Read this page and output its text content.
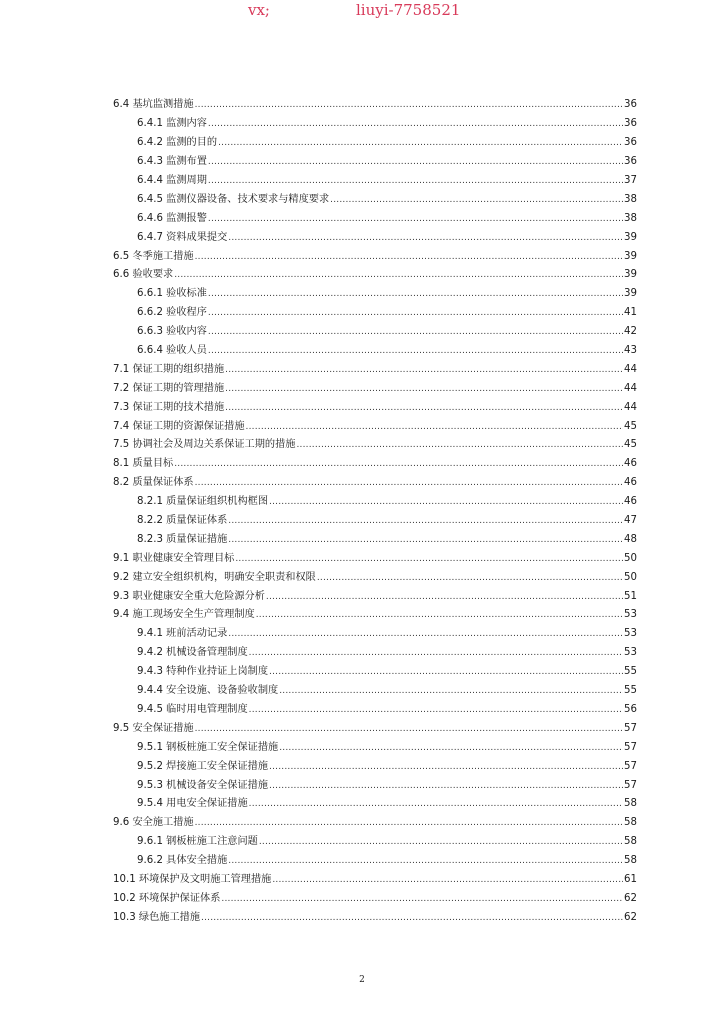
vx;	liuyi-7758521
6.4 基坑监测措施 .....	36
6.4.1 监测内容 .....	36
6.4.2 监测的目的 .....	36
6.4.3 监测布置 .....	36
6.4.4 监测周期 .....	37
6.4.5 监测仪器设备、技术要求与精度要求 .....	38
6.4.6 监测报警 .....	38
6.4.7 资料成果提交 .....	39
6.5 冬季施工措施 .....	39
6.6 验收要求 .....	39
6.6.1 验收标准 .....	39
6.6.2 验收程序 .....	41
6.6.3 验收内容 .....	42
6.6.4 验收人员 .....	43
7.1 保证工期的组织措施 .....	44
7.2 保证工期的管理措施 .....	44
7.3 保证工期的技术措施 .....	44
7.4 保证工期的资源保证措施 .....	45
7.5 协调社会及周边关系保证工期的措施 .....	45
8.1 质量目标 .....	46
8.2 质量保证体系 .....	46
8.2.1 质量保证组织机构框图 .....	46
8.2.2 质量保证体系 .....	47
8.2.3 质量保证措施 .....	48
9.1 职业健康安全管理目标 .....	50
9.2 建立安全组织机构，明确安全职责和权限 .....	50
9.3 职业健康安全重大危险源分析 .....	51
9.4 施工现场安全生产管理制度 .....	53
9.4.1 班前活动记录 .....	53
9.4.2 机械设备管理制度 .....	53
9.4.3 特种作业持证上岗制度 .....	55
9.4.4 安全设施、设备验收制度 .....	55
9.4.5 临时用电管理制度 .....	56
9.5 安全保证措施 .....	57
9.5.1 钢板桩施工安全保证措施 .....	57
9.5.2 焊接施工安全保证措施 .....	57
9.5.3 机械设备安全保证措施 .....	57
9.5.4 用电安全保证措施 .....	58
9.6 安全施工措施 .....	58
9.6.1 钢板桩施工注意问题 .....	58
9.6.2 具体安全措施 .....	58
10.1 环境保护及文明施工管理措施 .....	61
10.2 环境保护保证体系 .....	62
10.3 绿色施工措施 .....	62
2
